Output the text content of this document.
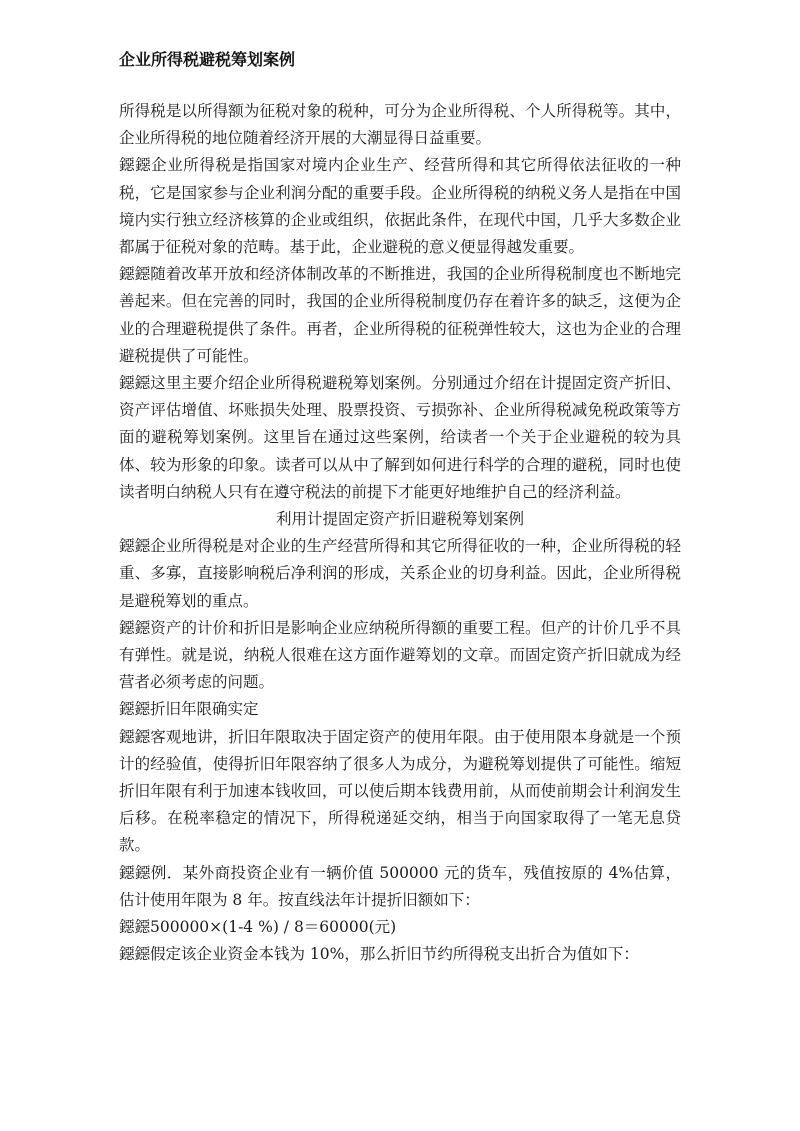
企业所得税避税筹划案例

所得税是以所得额为征税对象的税种，可分为企业所得税、个人所得税等。其中，企业所得税的地位随着经济开展的大潮显得日益重要。

鐚鐚企业所得税是指国家对境内企业生产、经营所得和其它所得依法征收的一种税，它是国家参与企业利润分配的重要手段。企业所得税的纳税义务人是指在中国境内实行独立经济核算的企业或组织，依据此条件，在现代中国，几乎大多数企业都属于征税对象的范畴。基于此，企业避税的意义便显得越发重要。

鐚鐚随着改革开放和经济体制改革的不断推进，我国的企业所得税制度也不断地完善起来。但在完善的同时，我国的企业所得税制度仍存在着许多的缺乏，这便为企业的合理避税提供了条件。再者，企业所得税的征税弹性较大，这也为企业的合理避税提供了可能性。

鐚鐚这里主要介绍企业所得税避税筹划案例。分别通过介绍在计提固定资产折旧、资产评估增值、坏账损失处理、股票投资、亏损弥补、企业所得税减免税政策等方面的避税筹划案例。这里旨在通过这些案例，给读者一个关于企业避税的较为具体、较为形象的印象。读者可以从中了解到如何进行科学的合理的避税，同时也使读者明白纳税人只有在遵守税法的前提下才能更好地维护自己的经济利益。

利用计提固定资产折旧避税筹划案例

鐚鐚企业所得税是对企业的生产经营所得和其它所得征收的一种，企业所得税的轻重、多寡，直接影响税后净利润的形成，关系企业的切身利益。因此，企业所得税是避税筹划的重点。

鐚鐚资产的计价和折旧是影响企业应纳税所得额的重要工程。但产的计价几乎不具有弹性。就是说，纳税人很难在这方面作避筹划的文章。而固定资产折旧就成为经营者必须考虑的问题。

鐚鐚折旧年限确实定

鐚鐚客观地讲，折旧年限取决于固定资产的使用年限。由于使用限本身就是一个预计的经验值，使得折旧年限容纳了很多人为成分，为避税筹划提供了可能性。缩短折旧年限有利于加速本钱收回，可以使后期本钱费用前，从而使前期会计利润发生后移。在税率稳定的情况下，所得税递延交纳，相当于向国家取得了一笔无息贷款。

鐚鐚例．某外商投资企业有一辆价值 500000 元的货车，残值按原的 4%估算，估计使用年限为 8 年。按直线法年计提折旧额如下：

鐚鐚500000×(1-4 %) / 8＝60000(元)

鐚鐚假定该企业资金本钱为 10%，那么折旧节约所得税支出折合为值如下：
